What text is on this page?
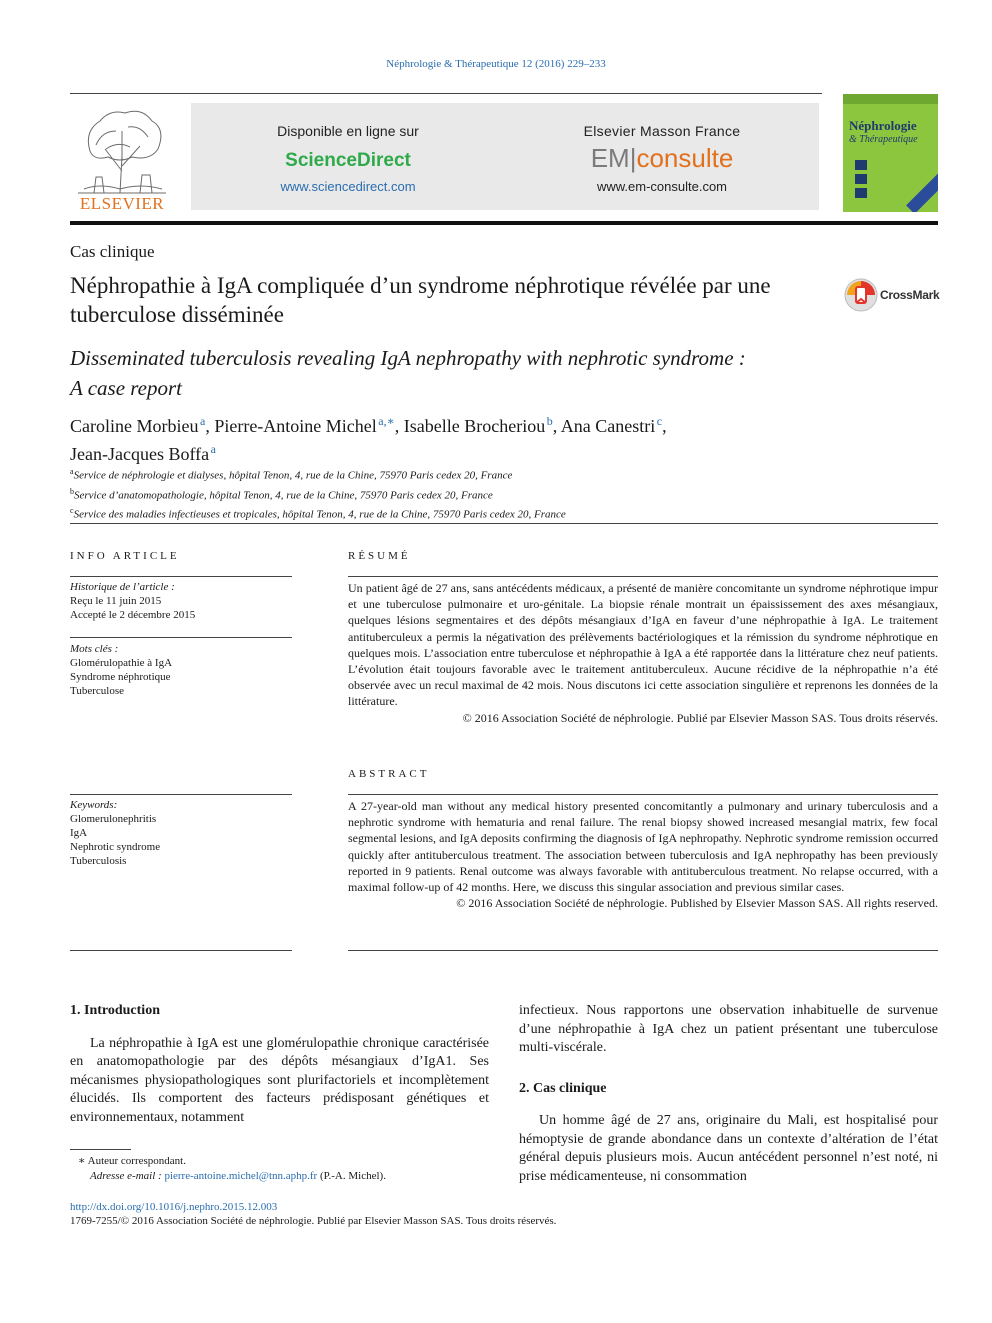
Néphrologie & Thérapeutique 12 (2016) 229–233
ELSEVIER
Disponible en ligne sur
ScienceDirect
www.sciencedirect.com
Elsevier Masson France
EM|consulte
www.em-consulte.com
Néphrologie
& Thérapeutique
Cas clinique
Néphropathie à IgA compliquée d’un syndrome néphrotique révélée par une tuberculose disséminée
CrossMark
Disseminated tuberculosis revealing IgA nephropathy with nephrotic syndrome :
A case report
Caroline Morbieu  $^a$, Pierre-Antoine Michel  $^{a,∗}$, Isabelle Brocheriou  $^b$, Ana Canestri  $^c$,
Jean-Jacques Boffa  $^a$
$^a$Service de néphrologie et dialyses, hôpital Tenon, 4, rue de la Chine, 75970 Paris cedex 20, France
$^b$Service d’anatomopathologie, hôpital Tenon, 4, rue de la Chine, 75970 Paris cedex 20, France
$^c$Service des maladies infectieuses et tropicales, hôpital Tenon, 4, rue de la Chine, 75970 Paris cedex 20, France
INFO ARTICLE
Historique de l’article :
Reçu le 11 juin 2015
Accepté le 2 décembre 2015
Mots clés :
Glomérulopathie à IgA
Syndrome néphrotique
Tuberculose
Keywords:
Glomerulonephritis
IgA
Nephrotic syndrome
Tuberculosis
RÉSUMÉ
Un patient âgé de 27 ans, sans antécédents médicaux, a présenté de manière concomitante un syndrome néphrotique impur et une tuberculose pulmonaire et uro-génitale. La biopsie rénale montrait un épaississement des axes mésangiaux, quelques lésions segmentaires et des dépôts mésangiaux d’IgA en faveur d’une néphropathie à IgA. Le traitement antituberculeux a permis la négativation des prélèvements bactériologiques et la rémission du syndrome néphrotique en quelques mois. L’association entre tuberculose et néphropathie à IgA a été rapportée dans la littérature chez neuf patients. L’évolution était toujours favorable avec le traitement antituberculeux. Aucune récidive de la néphropathie n’a été observée avec un recul maximal de 42 mois. Nous discutons ici cette association singulière et reprenons les données de la littérature.
© 2016 Association Société de néphrologie. Publié par Elsevier Masson SAS. Tous droits réservés.
ABSTRACT
A 27-year-old man without any medical history presented concomitantly a pulmonary and urinary tuberculosis and a nephrotic syndrome with hematuria and renal failure. The renal biopsy showed increased mesangial matrix, few focal segmental lesions, and IgA deposits confirming the diagnosis of IgA nephropathy. Nephrotic syndrome remission occurred quickly after antituberculous treatment. The association between tuberculosis and IgA nephropathy has been previously reported in 9 patients. Renal outcome was always favorable with antituberculous treatment. No relapse occurred, with a maximal follow-up of 42 months. Here, we discuss this singular association and previous similar cases.
© 2016 Association Société de néphrologie. Published by Elsevier Masson SAS. All rights reserved.
1. Introduction
La néphropathie à IgA est une glomérulopathie chronique caractérisée en anatomopathologie par des dépôts mésangiaux d’IgA1. Ses mécanismes physiopathologiques sont plurifactoriels et incomplètement élucidés. Ils comportent des facteurs prédisposant génétiques et environnementaux, notamment
infectieux. Nous rapportons une observation inhabituelle de survenue d’une néphropathie à IgA chez un patient présentant une tuberculose multi-viscérale.
2. Cas clinique
Un homme âgé de 27 ans, originaire du Mali, est hospitalisé pour hémoptysie de grande abondance dans un contexte d’altération de l’état général depuis plusieurs mois. Aucun antécédent personnel n’est noté, ni prise médicamenteuse, ni consommation
∗ Auteur correspondant.
Adresse e-mail : pierre-antoine.michel@tnn.aphp.fr (P.-A. Michel).
http://dx.doi.org/10.1016/j.nephro.2015.12.003
1769-7255/© 2016 Association Société de néphrologie. Publié par Elsevier Masson SAS. Tous droits réservés.
